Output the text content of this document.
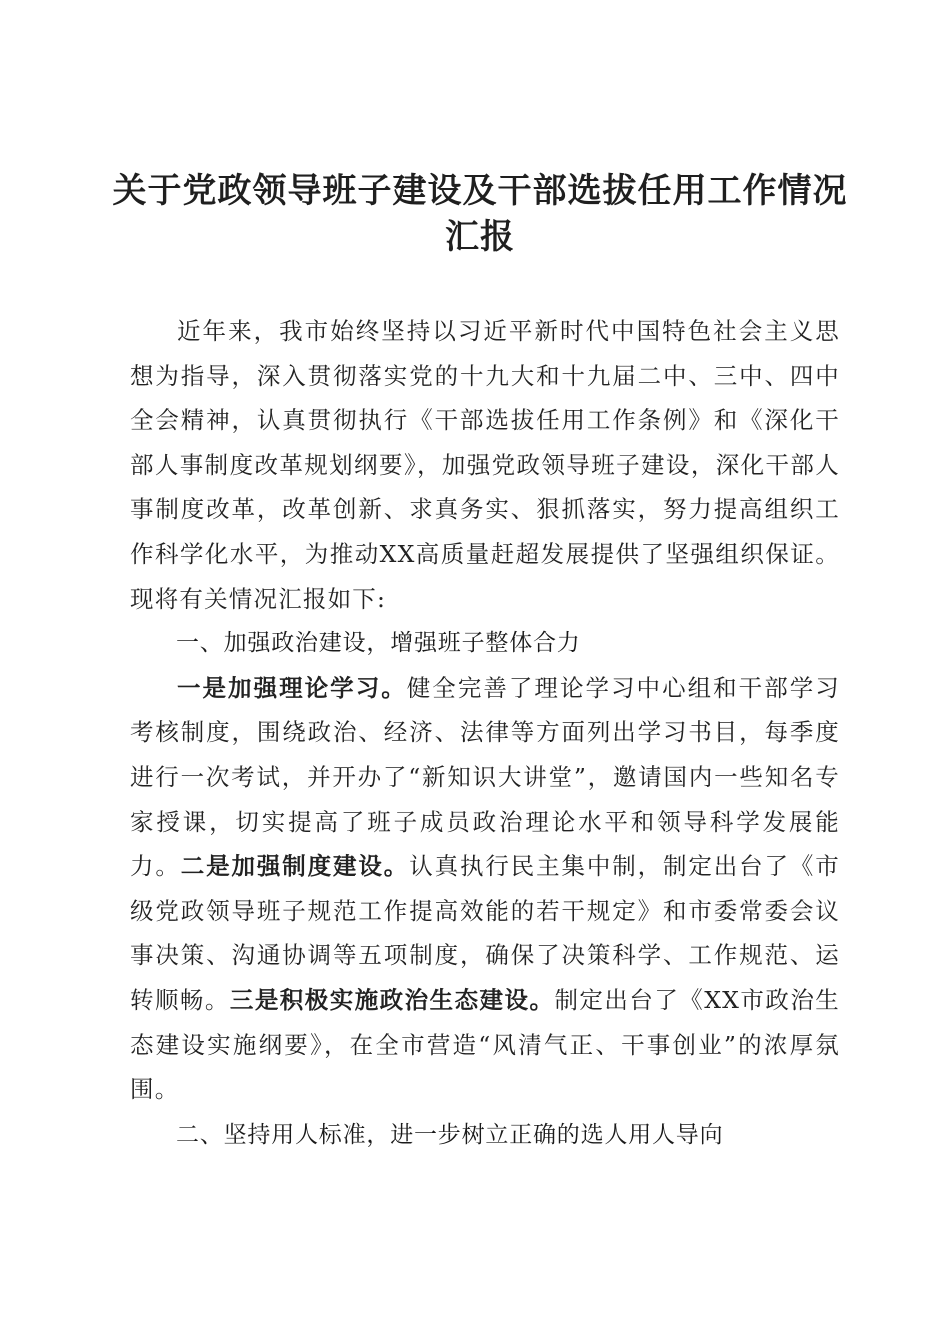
关于党政领导班子建设及干部选拔任用工作情况汇报

近年来，我市始终坚持以习近平新时代中国特色社会主义思想为指导，深入贯彻落实党的十九大和十九届二中、三中、四中全会精神，认真贯彻执行《干部选拔任用工作条例》和《深化干部人事制度改革规划纲要》，加强党政领导班子建设，深化干部人事制度改革，改革创新、求真务实、狠抓落实，努力提高组织工作科学化水平，为推动XX高质量赶超发展提供了坚强组织保证。现将有关情况汇报如下:

一、加强政治建设，增强班子整体合力

一是加强理论学习。健全完善了理论学习中心组和干部学习考核制度，围绕政治、经济、法律等方面列出学习书目，每季度进行一次考试，并开办了“新知识大讲堂”，邀请国内一些知名专家授课，切实提高了班子成员政治理论水平和领导科学发展能力。二是加强制度建设。认真执行民主集中制，制定出台了《市级党政领导班子规范工作提高效能的若干规定》和市委常委会议事决策、沟通协调等五项制度，确保了决策科学、工作规范、运转顺畅。三是积极实施政治生态建设。制定出台了《XX市政治生态建设实施纲要》，在全市营造“风清气正、干事创业”的浓厚氛围。

二、坚持用人标准，进一步树立正确的选人用人导向
